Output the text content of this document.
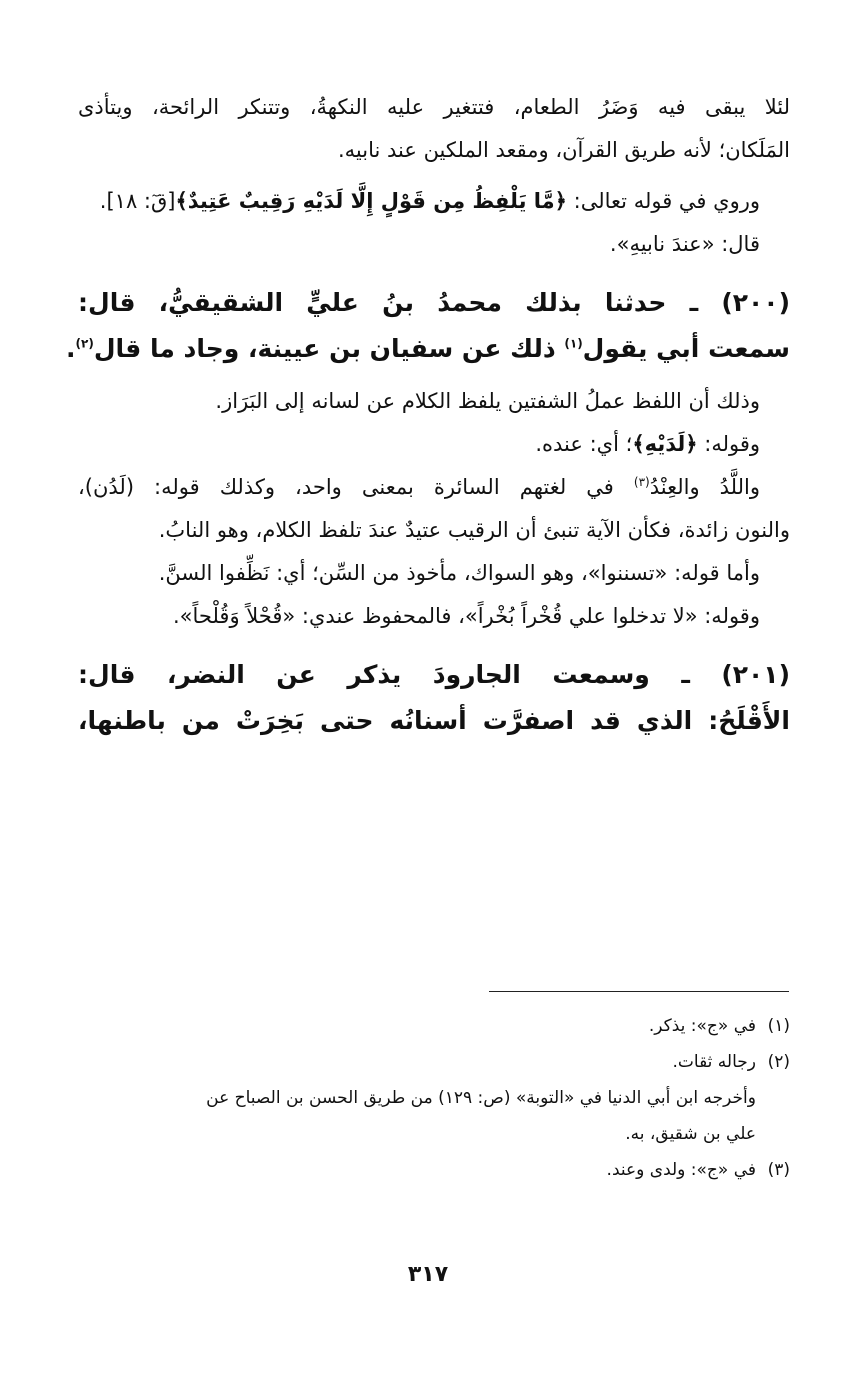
لئلا يبقى فيه وَضَرُ الطعام، فتتغير عليه النكهةُ، وتتنكر الرائحة، ويتأذى

المَلَكان؛ لأنه طريق القرآن، ومقعد الملكين عند نابيه.

وروي في قوله تعالى: ﴿مَّا يَلْفِظُ مِن قَوْلٍ إِلَّا لَدَيْهِ رَقِيبٌ عَتِيدٌ﴾[قٓ: ١٨].

قال: «عندَ نابيهِ».

(٢٠٠) ـ حدثنا بذلك محمدُ بنُ عليٍّ الشقيقيُّ، قال:

سمعت أبي يقول$^{(١)}$ ذلك عن سفيان بن عيينة، وجاد ما قال$^{(٢)}$.

وذلك أن اللفظ عملُ الشفتين يلفظ الكلام عن لسانه إلى البَرَاز.

وقوله: ﴿لَدَيْهِ﴾؛ أي: عنده.

واللَّدُ والعِنْدُ$^{(٣)}$ في لغتهم السائرة بمعنى واحد، وكذلك قوله: (لَدُن)،

والنون زائدة، فكأن الآية تنبئ أن الرقيب عتيدٌ عندَ تلفظ الكلام، وهو النابُ.

وأما قوله: «تسننوا»، وهو السواك، مأخوذ من السِّن؛ أي: نَظِّفوا السنَّ.

وقوله: «لا تدخلوا علي قُخْراً بُخْراً»، فالمحفوظ عندي: «قُحْلاً وَقُلْحاً».

(٢٠١) ـ وسمعت الجارودَ يذكر عن النضر، قال:

الأَقْلَحُ: الذي قد اصفرَّت أسنانُه حتى بَخِرَتْ من باطنها،

(١)في «ج»: يذكر.

(٢)رجاله ثقات.

وأخرجه ابن أبي الدنيا في «التوبة» (ص: ١٢٩) من طريق الحسن بن الصباح عن

علي بن شقيق، به.

(٣)في «ج»: ولدى وعند.

٣١٧
